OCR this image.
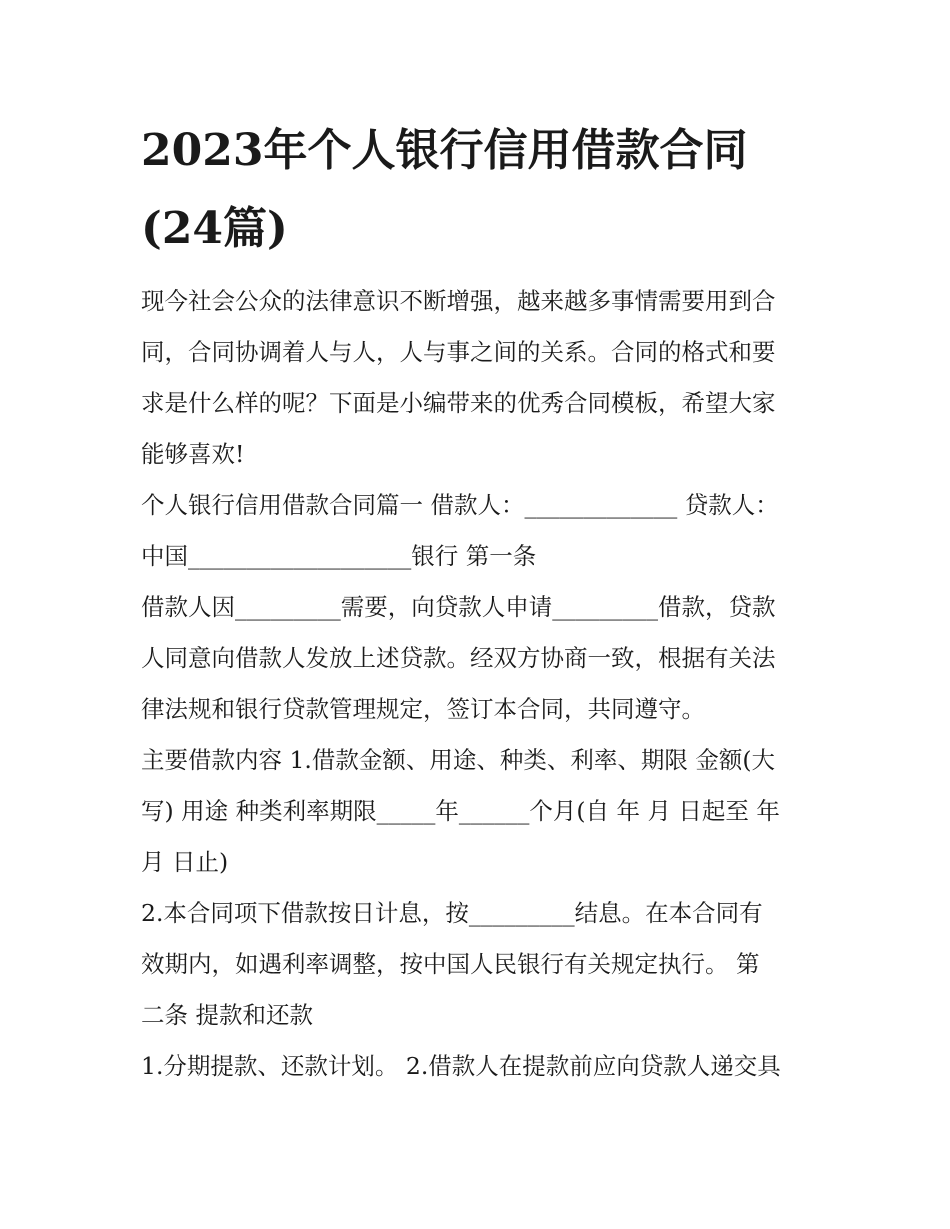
2023年个人银行信用借款合同
(24篇)

现今社会公众的法律意识不断增强，越来越多事情需要用到合
同，合同协调着人与人，人与事之间的关系。合同的格式和要
求是什么样的呢？下面是小编带来的优秀合同模板，希望大家
能够喜欢!

个人银行信用借款合同篇一 借款人：_____________ 贷款人：
中国___________________银行 第一条

借款人因_________需要，向贷款人申请_________借款，贷款
人同意向借款人发放上述贷款。经双方协商一致，根据有关法
律法规和银行贷款管理规定，签订本合同，共同遵守。

主要借款内容 1.借款金额、用途、种类、利率、期限 金额(大
写) 用途 种类利率期限_____年______个月(自 年 月 日起至 年
月 日止)

2.本合同项下借款按日计息，按_________结息。在本合同有
效期内，如遇利率调整，按中国人民银行有关规定执行。 第
二条 提款和还款

1.分期提款、还款计划。 2.借款人在提款前应向贷款人递交具
